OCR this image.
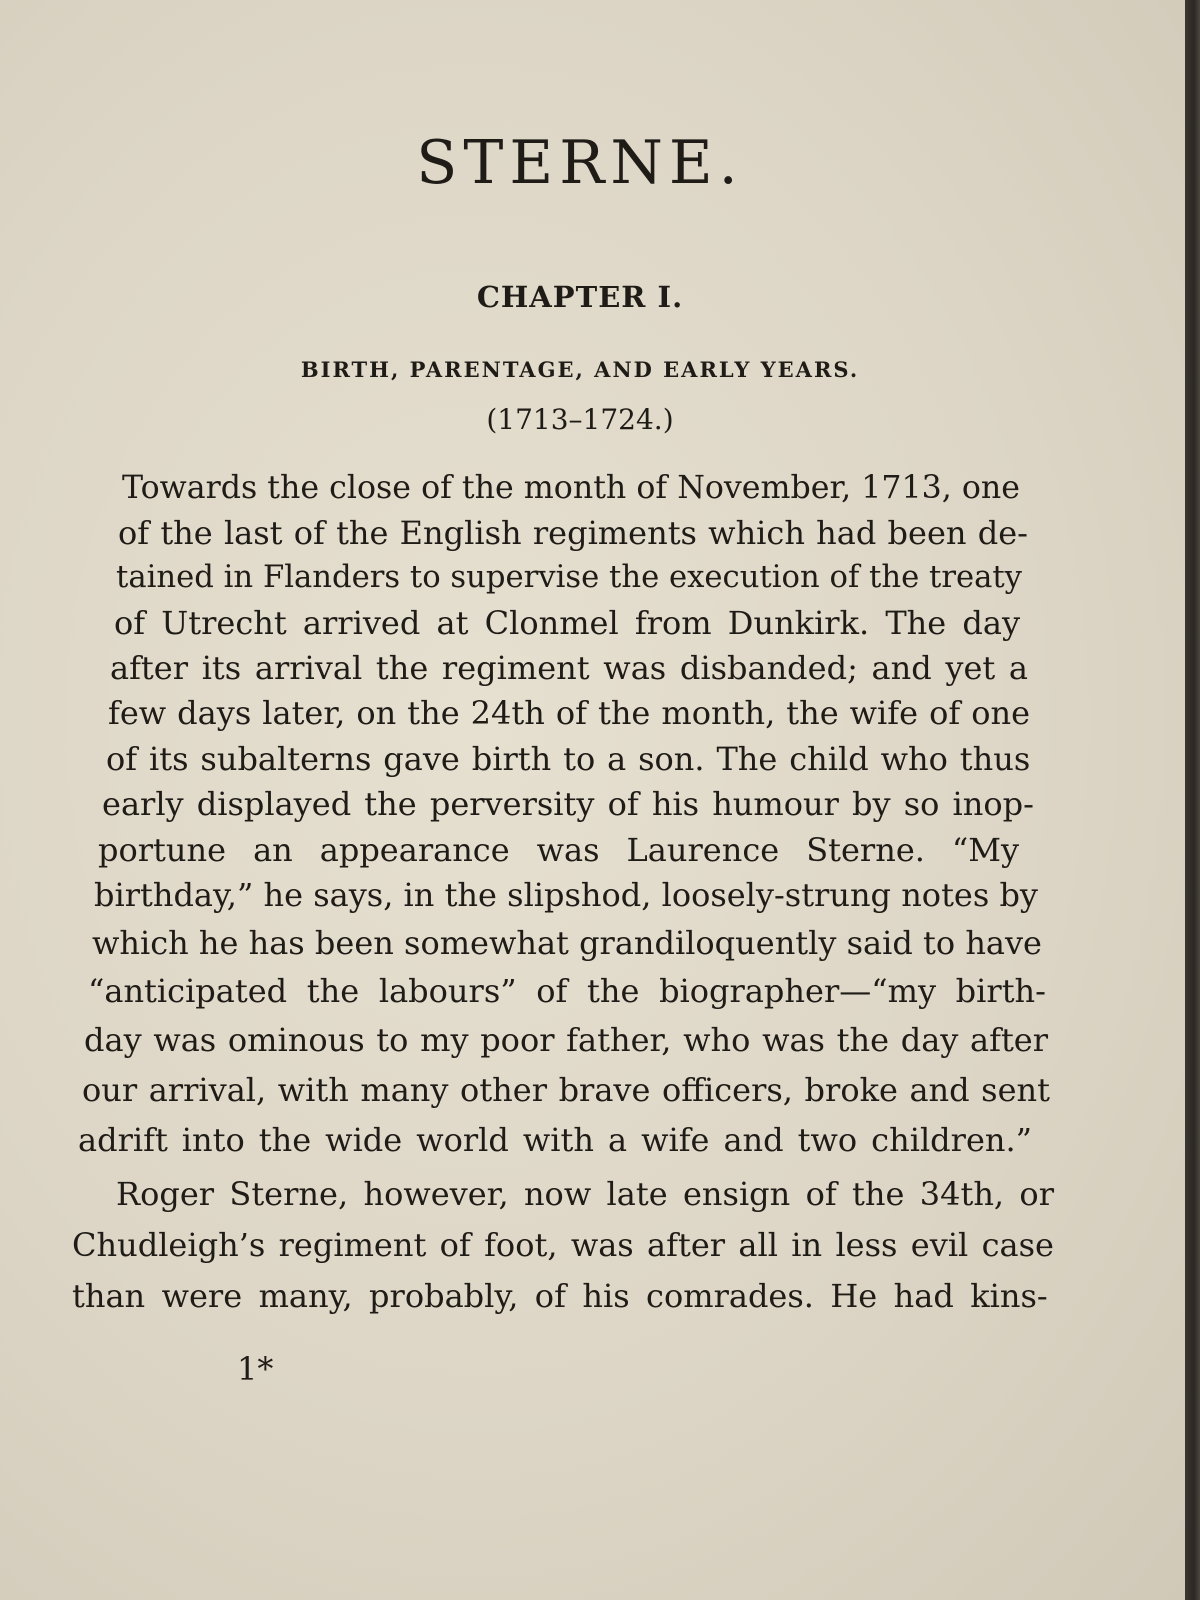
STERNE.
CHAPTER I.
BIRTH, PARENTAGE, AND EARLY YEARS.

(1713–1724.)

Towards the close of the month of November, 1713, one
of the last of the English regiments which had been de-
tained in Flanders to supervise the execution of the treaty
of Utrecht arrived at Clonmel from Dunkirk. The day
after its arrival the regiment was disbanded; and yet a
few days later, on the 24th of the month, the wife of one
of its subalterns gave birth to a son. The child who thus
early displayed the perversity of his humour by so inop-
portune an appearance was Laurence Sterne. “My
birthday,” he says, in the slipshod, loosely-strung notes by
which he has been somewhat grandiloquently said to have
“anticipated the labours” of the biographer—“my birth-
day was ominous to my poor father, who was the day after
our arrival, with many other brave officers, broke and sent
adrift into the wide world with a wife and two children.”
Roger Sterne, however, now late ensign of the 34th, or
Chudleigh’s regiment of foot, was after all in less evil case
than were many, probably, of his comrades. He had kins-

1*
